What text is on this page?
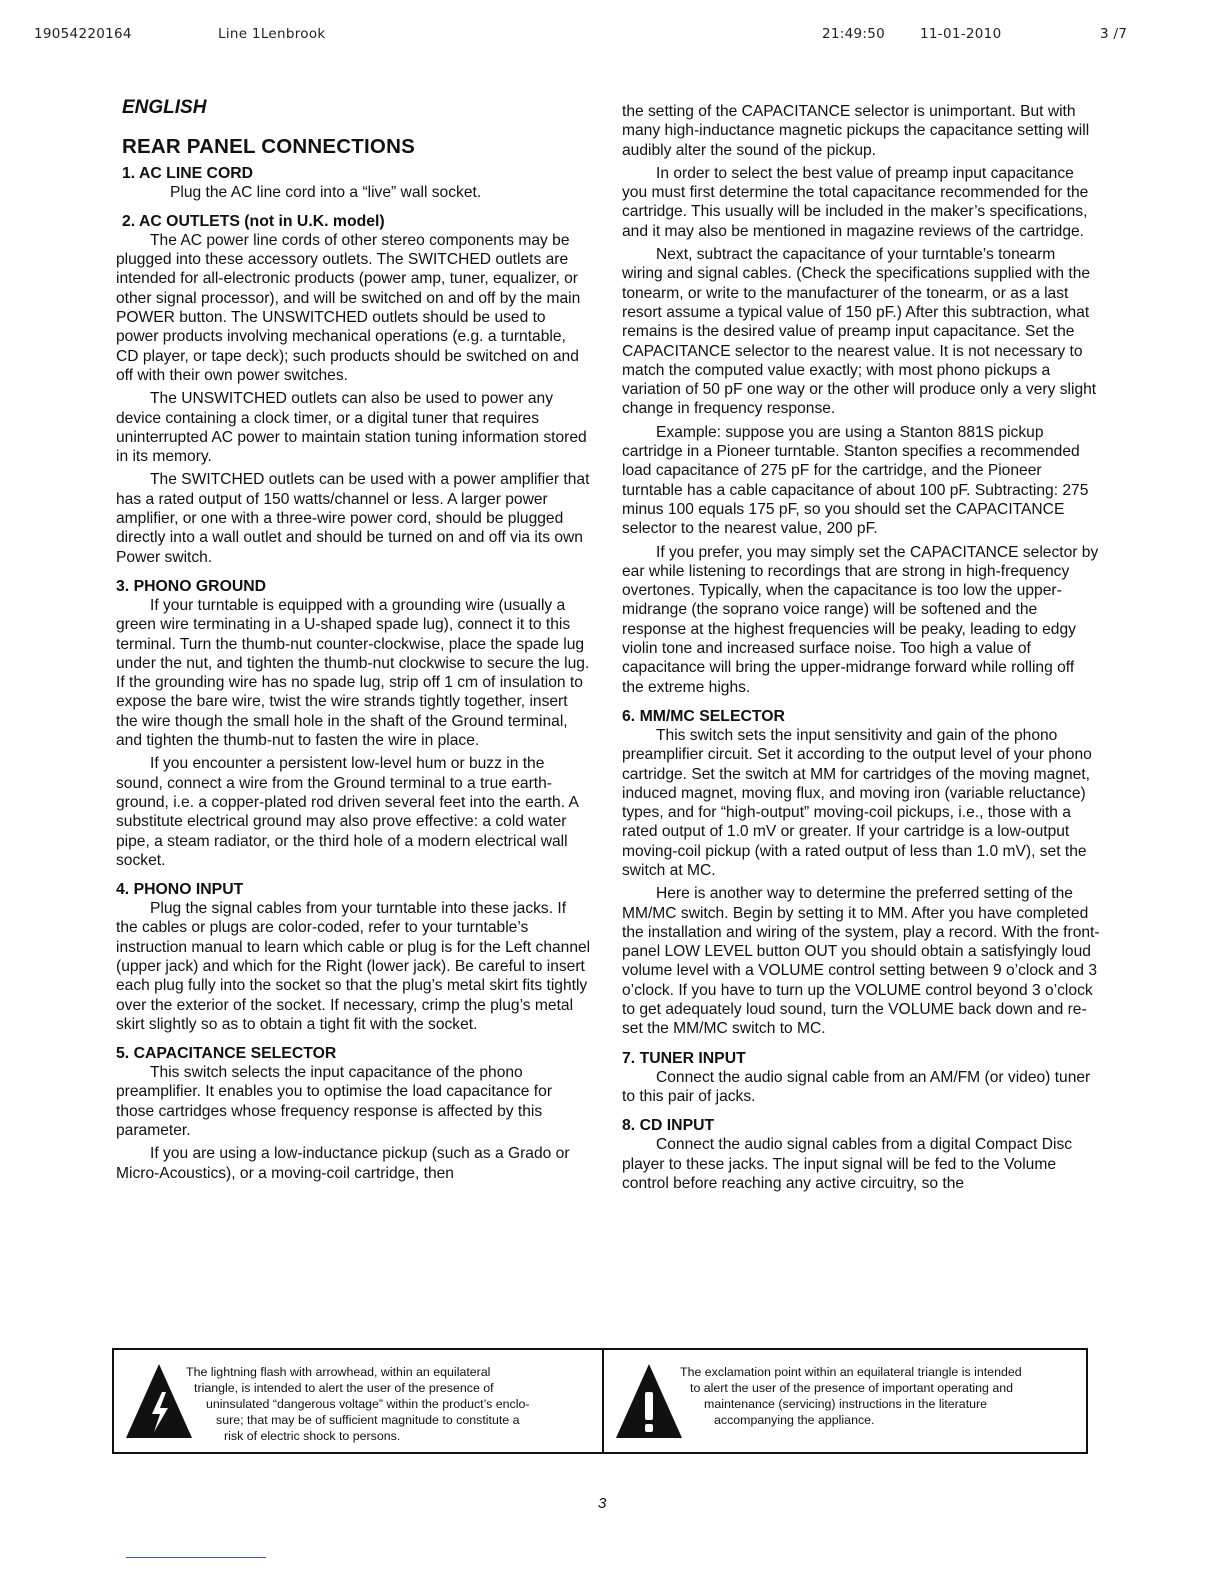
19054220164	Line 1Lenbrook	21:49:50	11-01-2010	3 /7
ENGLISH
REAR PANEL CONNECTIONS
1. AC LINE CORD

Plug the AC line cord into a “live” wall socket.

2. AC OUTLETS (not in U.K. model)

The AC power line cords of other stereo components may be plugged into these accessory outlets. The SWITCHED outlets are intended for all-electronic products (power amp, tuner, equalizer, or other signal processor), and will be switched on and off by the main POWER button. The UNSWITCHED outlets should be used to power products involving mechanical operations (e.g. a turntable, CD player, or tape deck); such products should be switched on and off with their own power switches.

The UNSWITCHED outlets can also be used to power any device containing a clock timer, or a digital tuner that requires uninterrupted AC power to maintain station tuning information stored in its memory.

The SWITCHED outlets can be used with a power amplifier that has a rated output of 150 watts/channel or less. A larger power amplifier, or one with a three-wire power cord, should be plugged directly into a wall outlet and should be turned on and off via its own Power switch.

3. PHONO GROUND

If your turntable is equipped with a grounding wire (usually a green wire terminating in a U-shaped spade lug), connect it to this terminal. Turn the thumb-nut counter-clockwise, place the spade lug under the nut, and tighten the thumb-nut clockwise to secure the lug. If the grounding wire has no spade lug, strip off 1 cm of insulation to expose the bare wire, twist the wire strands tightly together, insert the wire though the small hole in the shaft of the Ground terminal, and tighten the thumb-nut to fasten the wire in place.

If you encounter a persistent low-level hum or buzz in the sound, connect a wire from the Ground terminal to a true earth-ground, i.e. a copper-plated rod driven several feet into the earth. A substitute electrical ground may also prove effective: a cold water pipe, a steam radiator, or the third hole of a modern electrical wall socket.

4. PHONO INPUT

Plug the signal cables from your turntable into these jacks. If the cables or plugs are color-coded, refer to your turntable’s instruction manual to learn which cable or plug is for the Left channel (upper jack) and which for the Right (lower jack). Be careful to insert each plug fully into the socket so that the plug’s metal skirt fits tightly over the exterior of the socket. If necessary, crimp the plug’s metal skirt slightly so as to obtain a tight fit with the socket.

5. CAPACITANCE SELECTOR

This switch selects the input capacitance of the phono preamplifier. It enables you to optimise the load capacitance for those cartridges whose frequency response is affected by this parameter.

If you are using a low-inductance pickup (such as a Grado or Micro-Acoustics), or a moving-coil cartridge, then

the setting of the CAPACITANCE selector is unimportant. But with many high-inductance magnetic pickups the capacitance setting will audibly alter the sound of the pickup.

In order to select the best value of preamp input capacitance you must first determine the total capacitance recommended for the cartridge. This usually will be included in the maker’s specifications, and it may also be mentioned in magazine reviews of the cartridge.

Next, subtract the capacitance of your turntable’s tonearm wiring and signal cables. (Check the specifications supplied with the tonearm, or write to the manufacturer of the tonearm, or as a last resort assume a typical value of 150 pF.) After this subtraction, what remains is the desired value of preamp input capacitance. Set the CAPACITANCE selector to the nearest value. It is not necessary to match the computed value exactly; with most phono pickups a variation of 50 pF one way or the other will produce only a very slight change in frequency response.

Example: suppose you are using a Stanton 881S pickup cartridge in a Pioneer turntable. Stanton specifies a recommended load capacitance of 275 pF for the cartridge, and the Pioneer turntable has a cable capacitance of about 100 pF. Subtracting: 275 minus 100 equals 175 pF, so you should set the CAPACITANCE selector to the nearest value, 200 pF.

If you prefer, you may simply set the CAPACITANCE selector by ear while listening to recordings that are strong in high-frequency overtones. Typically, when the capacitance is too low the upper-midrange (the soprano voice range) will be softened and the response at the highest frequencies will be peaky, leading to edgy violin tone and increased surface noise. Too high a value of capacitance will bring the upper-midrange forward while rolling off the extreme highs.

6. MM/MC SELECTOR

This switch sets the input sensitivity and gain of the phono preamplifier circuit. Set it according to the output level of your phono cartridge. Set the switch at MM for cartridges of the moving magnet, induced magnet, moving flux, and moving iron (variable reluctance) types, and for “high-output” moving-coil pickups, i.e., those with a rated output of 1.0 mV or greater. If your cartridge is a low-output moving-coil pickup (with a rated output of less than 1.0 mV), set the switch at MC.

Here is another way to determine the preferred setting of the MM/MC switch. Begin by setting it to MM. After you have completed the installation and wiring of the system, play a record. With the front-panel LOW LEVEL button OUT you should obtain a satisfyingly loud volume level with a VOLUME control setting between 9 o’clock and 3 o’clock. If you have to turn up the VOLUME control beyond 3 o’clock to get adequately loud sound, turn the VOLUME back down and re-set the MM/MC switch to MC.

7. TUNER INPUT

Connect the audio signal cable from an AM/FM (or video) tuner to this pair of jacks.

8. CD INPUT

Connect the audio signal cables from a digital Compact Disc player to these jacks. The input signal will be fed to the Volume control before reaching any active circuitry, so the

The lightning flash with arrowhead, within an equilateral
triangle, is intended to alert the user of the presence of
uninsulated “dangerous voltage” within the product’s enclo-
sure; that may be of sufficient magnitude to constitute a
risk of electric shock to persons.
The exclamation point within an equilateral triangle is intended
to alert the user of the presence of important operating and
maintenance (servicing) instructions in the literature
accompanying the appliance.
3
